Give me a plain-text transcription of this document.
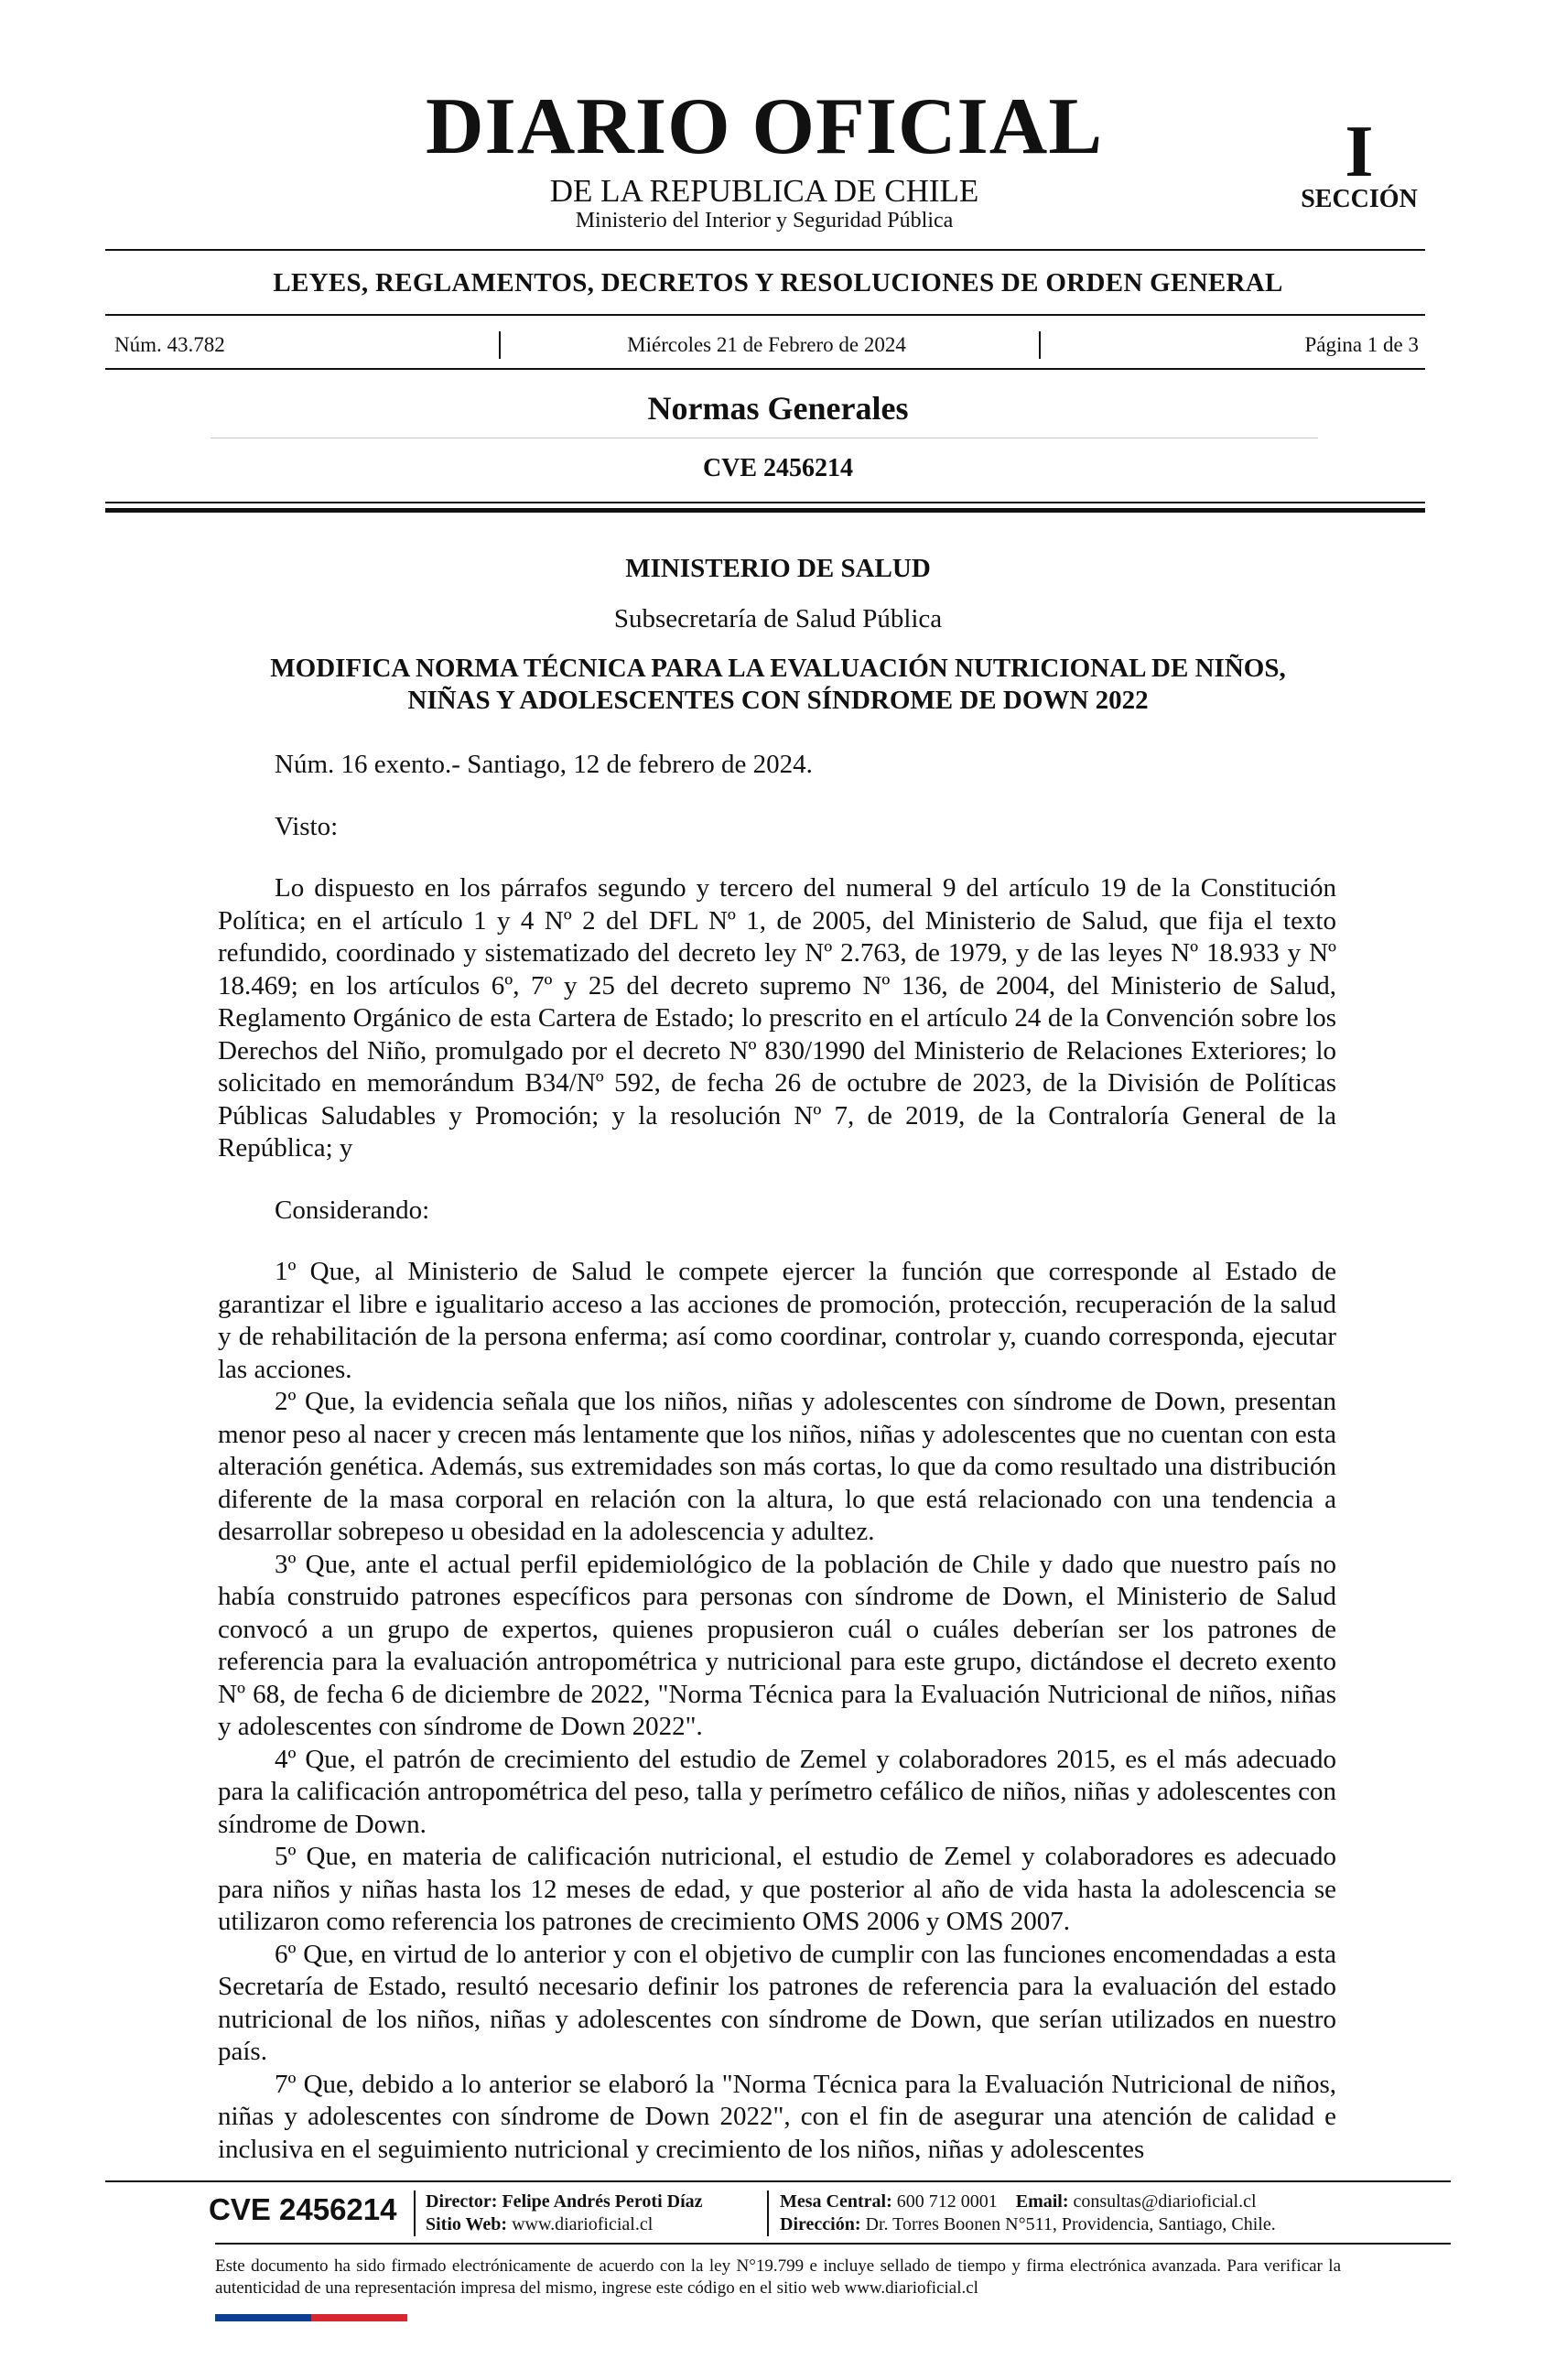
DIARIO OFICIAL
DE LA REPUBLICA DE CHILE
Ministerio del Interior y Seguridad Pública
I
SECCIÓN
LEYES, REGLAMENTOS, DECRETOS Y RESOLUCIONES DE ORDEN GENERAL
Núm. 43.782	Miércoles 21 de Febrero de 2024	Página 1 de 3
Normas Generales
CVE 2456214
MINISTERIO DE SALUD
Subsecretaría de Salud Pública
MODIFICA NORMA TÉCNICA PARA LA EVALUACIÓN NUTRICIONAL DE NIÑOS,
NIÑAS Y ADOLESCENTES CON SÍNDROME DE DOWN 2022

Núm. 16 exento.- Santiago, 12 de febrero de 2024.

Visto:

Lo dispuesto en los párrafos segundo y tercero del numeral 9 del artículo 19 de la Constitución Política; en el artículo 1 y 4 Nº 2 del DFL Nº 1, de 2005, del Ministerio de Salud, que fija el texto refundido, coordinado y sistematizado del decreto ley Nº 2.763, de 1979, y de las leyes Nº 18.933 y Nº 18.469; en los artículos 6º, 7º y 25 del decreto supremo Nº 136, de 2004, del Ministerio de Salud, Reglamento Orgánico de esta Cartera de Estado; lo prescrito en el artículo 24 de la Convención sobre los Derechos del Niño, promulgado por el decreto Nº 830/1990 del Ministerio de Relaciones Exteriores; lo solicitado en memorándum B34/Nº 592, de fecha 26 de octubre de 2023, de la División de Políticas Públicas Saludables y Promoción; y la resolución Nº 7, de 2019, de la Contraloría General de la República; y

Considerando:

1º Que, al Ministerio de Salud le compete ejercer la función que corresponde al Estado de garantizar el libre e igualitario acceso a las acciones de promoción, protección, recuperación de la salud y de rehabilitación de la persona enferma; así como coordinar, controlar y, cuando corresponda, ejecutar las acciones.

2º Que, la evidencia señala que los niños, niñas y adolescentes con síndrome de Down, presentan menor peso al nacer y crecen más lentamente que los niños, niñas y adolescentes que no cuentan con esta alteración genética. Además, sus extremidades son más cortas, lo que da como resultado una distribución diferente de la masa corporal en relación con la altura, lo que está relacionado con una tendencia a desarrollar sobrepeso u obesidad en la adolescencia y adultez.

3º Que, ante el actual perfil epidemiológico de la población de Chile y dado que nuestro país no había construido patrones específicos para personas con síndrome de Down, el Ministerio de Salud convocó a un grupo de expertos, quienes propusieron cuál o cuáles deberían ser los patrones de referencia para la evaluación antropométrica y nutricional para este grupo, dictándose el decreto exento Nº 68, de fecha 6 de diciembre de 2022, "Norma Técnica para la Evaluación Nutricional de niños, niñas y adolescentes con síndrome de Down 2022".

4º Que, el patrón de crecimiento del estudio de Zemel y colaboradores 2015, es el más adecuado para la calificación antropométrica del peso, talla y perímetro cefálico de niños, niñas y adolescentes con síndrome de Down.

5º Que, en materia de calificación nutricional, el estudio de Zemel y colaboradores es adecuado para niños y niñas hasta los 12 meses de edad, y que posterior al año de vida hasta la adolescencia se utilizaron como referencia los patrones de crecimiento OMS 2006 y OMS 2007.

6º Que, en virtud de lo anterior y con el objetivo de cumplir con las funciones encomendadas a esta Secretaría de Estado, resultó necesario definir los patrones de referencia para la evaluación del estado nutricional de los niños, niñas y adolescentes con síndrome de Down, que serían utilizados en nuestro país.

7º Que, debido a lo anterior se elaboró la "Norma Técnica para la Evaluación Nutricional de niños, niñas y adolescentes con síndrome de Down 2022", con el fin de asegurar una atención de calidad e inclusiva en el seguimiento nutricional y crecimiento de los niños, niñas y adolescentes

CVE 2456214 Director: Felipe Andrés Peroti Díaz
Sitio Web: www.diarioficial.cl
Mesa Central: 600 712 0001 Email: consultas@diarioficial.cl
Dirección: Dr. Torres Boonen N°511, Providencia, Santiago, Chile.
Este documento ha sido firmado electrónicamente de acuerdo con la ley N°19.799 e incluye sellado de tiempo y firma electrónica avanzada. Para verificar la autenticidad de una representación impresa del mismo, ingrese este código en el sitio web www.diarioficial.cl
